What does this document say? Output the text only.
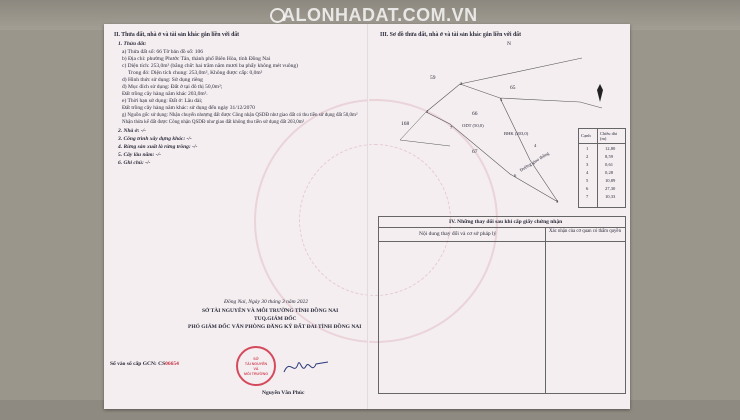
II. Thửa đất, nhà ở và tài sản khác gắn liền với đất
1. Thửa đất:
a) Thửa đất số: 66 Tờ bản đồ số: 106
b) Địa chỉ: phường Phước Tân, thành phố Biên Hòa, tỉnh Đồng Nai
c) Diện tích: 253,0m² (bằng chữ: hai trăm năm mươi ba phẩy không mét vuông)
Trong đó: Diện tích chung: 253,0m², Không được cấp: 0,0m²
d) Hình thức sử dụng: Sử dụng riêng
đ) Mục đích sử dụng: Đất ở tại đô thị 50,0m²;
Đất trồng cây hàng năm khác 203,0m².
e) Thời hạn sử dụng: Đất ở: Lâu dài;
Đất trồng cây hàng năm khác: sử dụng đến ngày 31/12/2070
g) Nguồn gốc sử dụng: Nhận chuyển nhượng đất được Công nhận QSDĐ như giao đất có thu tiền sử dụng đất 50,0m²
Nhận thừa kế đất được Công nhận QSDĐ như giao đất không thu tiền sử dụng đất 203,0m²
2. Nhà ở: -/-
3. Công trình xây dựng khác: -/-
4. Rừng sản xuất là rừng trồng: -/-
5. Cây lâu năm: -/-
6. Ghi chú: -/-
Đồng Nai, Ngày 30 tháng 3 năm 2022
SỞ TÀI NGUYÊN VÀ MÔI TRƯỜNG TỈNH ĐỒNG NAI
TUQ.GIÁM ĐỐC
PHÓ GIÁM ĐỐC VĂN PHÒNG ĐĂNG KÝ ĐẤT ĐAI TỈNH ĐỒNG NAI
SỞ
TÀI NGUYÊN
VÀ
MÔI TRƯỜNG
Số vào sổ cấp GCN: CS06654
Nguyễn Văn Phúc
III. Sơ đồ thửa đất, nhà ở và tài sản khác gắn liền với đất
N
59
65
168
67
66
ODT (50,0)
BHK (203,0)
Đường giao thông
1
2
3
4
5
6
7
Cạnh Chiều dài (m)
1	12,80
2	8,59
3	0,61
4	0,28
5	10,89
6	27,30
7	10,33
IV. Những thay đổi sau khi cấp giấy chứng nhận
Nội dung thay đổi và cơ sở pháp lý	Xác nhận của cơ quan có thẩm quyền
ALONHADAT.COM.VN
